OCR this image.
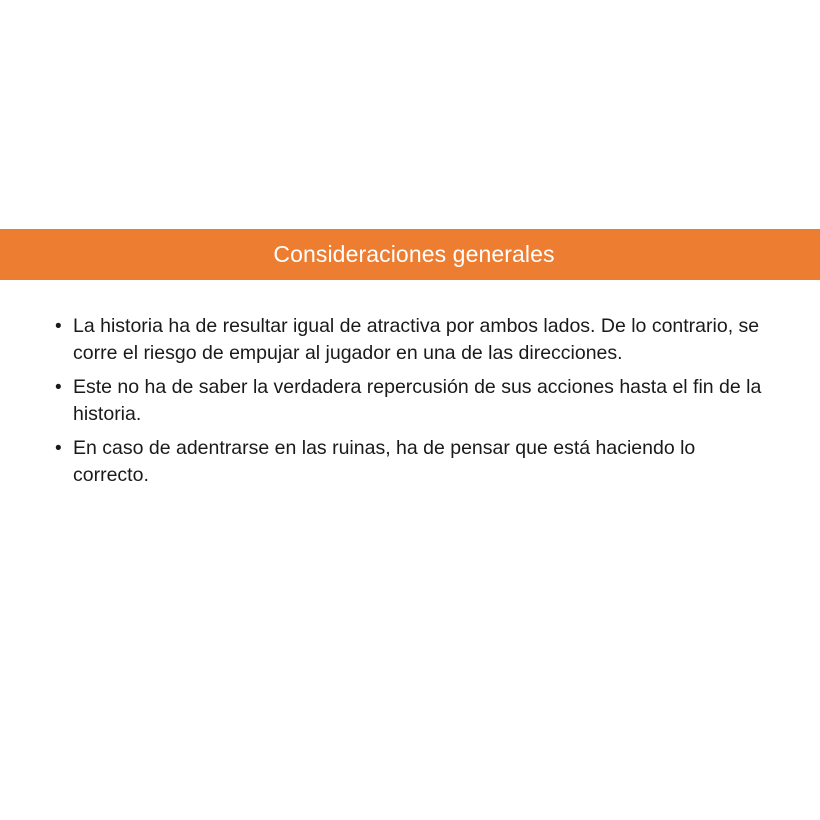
Consideraciones generales
• La historia ha de resultar igual de atractiva por ambos lados. De lo contrario, se corre el riesgo de empujar al jugador en una de las direcciones.
• Este no ha de saber la verdadera repercusión de sus acciones hasta el fin de la historia.
• En caso de adentrarse en las ruinas, ha de pensar que está haciendo lo correcto.
